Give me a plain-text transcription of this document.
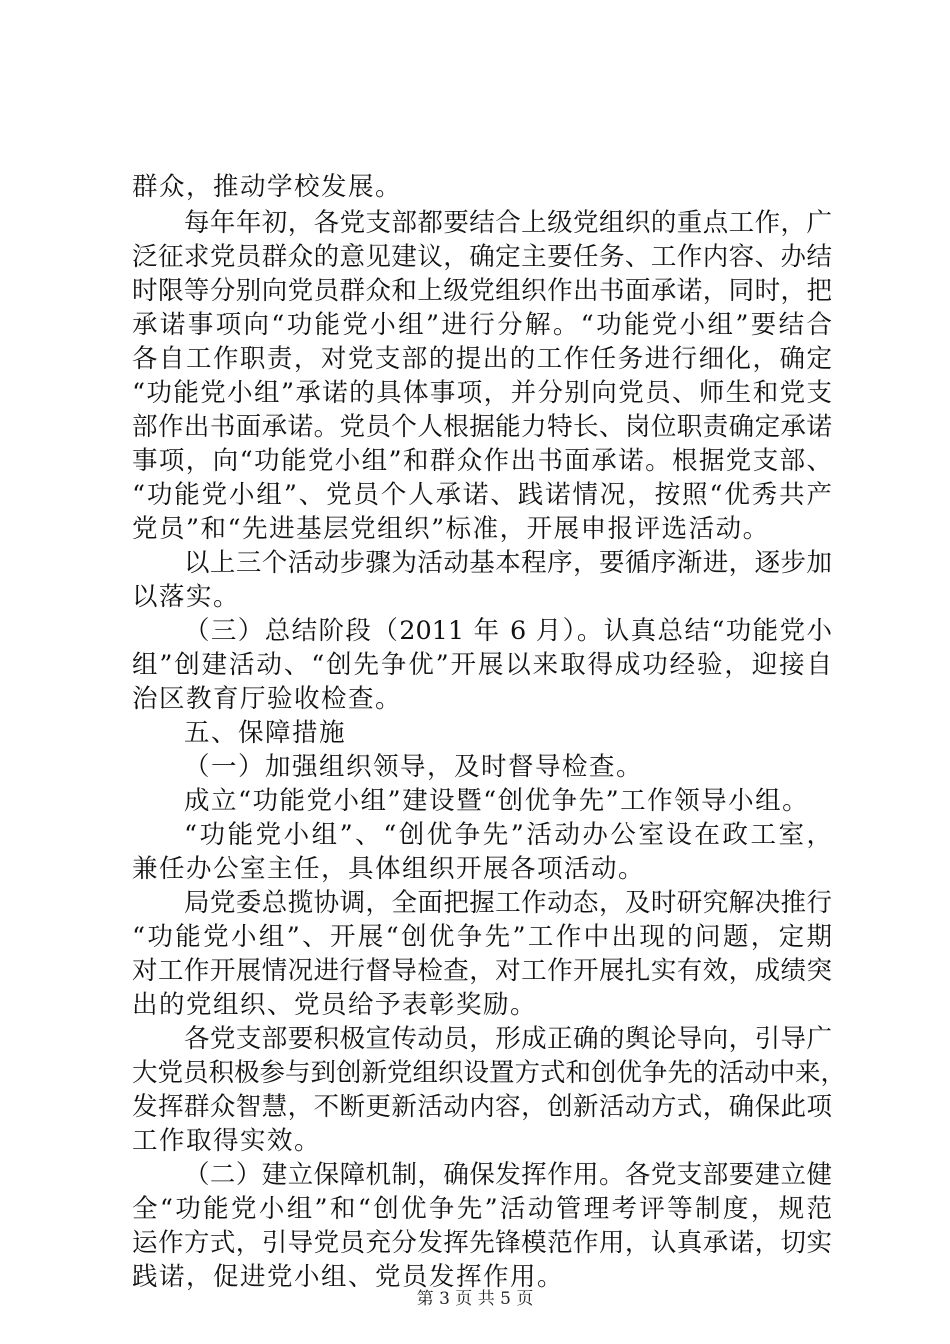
群众，推动学校发展。
每年年初，各党支部都要结合上级党组织的重点工作，广
泛征求党员群众的意见建议，确定主要任务、工作内容、办结
时限等分别向党员群众和上级党组织作出书面承诺，同时，把
承诺事项向“功能党小组”进行分解。“功能党小组”要结合
各自工作职责，对党支部的提出的工作任务进行细化，确定
“功能党小组”承诺的具体事项，并分别向党员、师生和党支
部作出书面承诺。党员个人根据能力特长、岗位职责确定承诺
事项，向“功能党小组”和群众作出书面承诺。根据党支部、
“功能党小组”、党员个人承诺、践诺情况，按照“优秀共产
党员”和“先进基层党组织”标准，开展申报评选活动。
以上三个活动步骤为活动基本程序，要循序渐进，逐步加
以落实。
（三）总结阶段（2011 年 6 月）。认真总结“功能党小
组”创建活动、“创先争优”开展以来取得成功经验，迎接自
治区教育厅验收检查。
五、保障措施
（一）加强组织领导，及时督导检查。
成立“功能党小组”建设暨“创优争先”工作领导小组。
“功能党小组”、“创优争先”活动办公室设在政工室，
兼任办公室主任，具体组织开展各项活动。
局党委总揽协调，全面把握工作动态，及时研究解决推行
“功能党小组”、开展“创优争先”工作中出现的问题，定期
对工作开展情况进行督导检查，对工作开展扎实有效，成绩突
出的党组织、党员给予表彰奖励。
各党支部要积极宣传动员，形成正确的舆论导向，引导广
大党员积极参与到创新党组织设置方式和创优争先的活动中来，
发挥群众智慧，不断更新活动内容，创新活动方式，确保此项
工作取得实效。
（二）建立保障机制，确保发挥作用。各党支部要建立健
全“功能党小组”和“创优争先”活动管理考评等制度，规范
运作方式，引导党员充分发挥先锋模范作用，认真承诺，切实
践诺，促进党小组、党员发挥作用。
第 3 页 共 5 页
